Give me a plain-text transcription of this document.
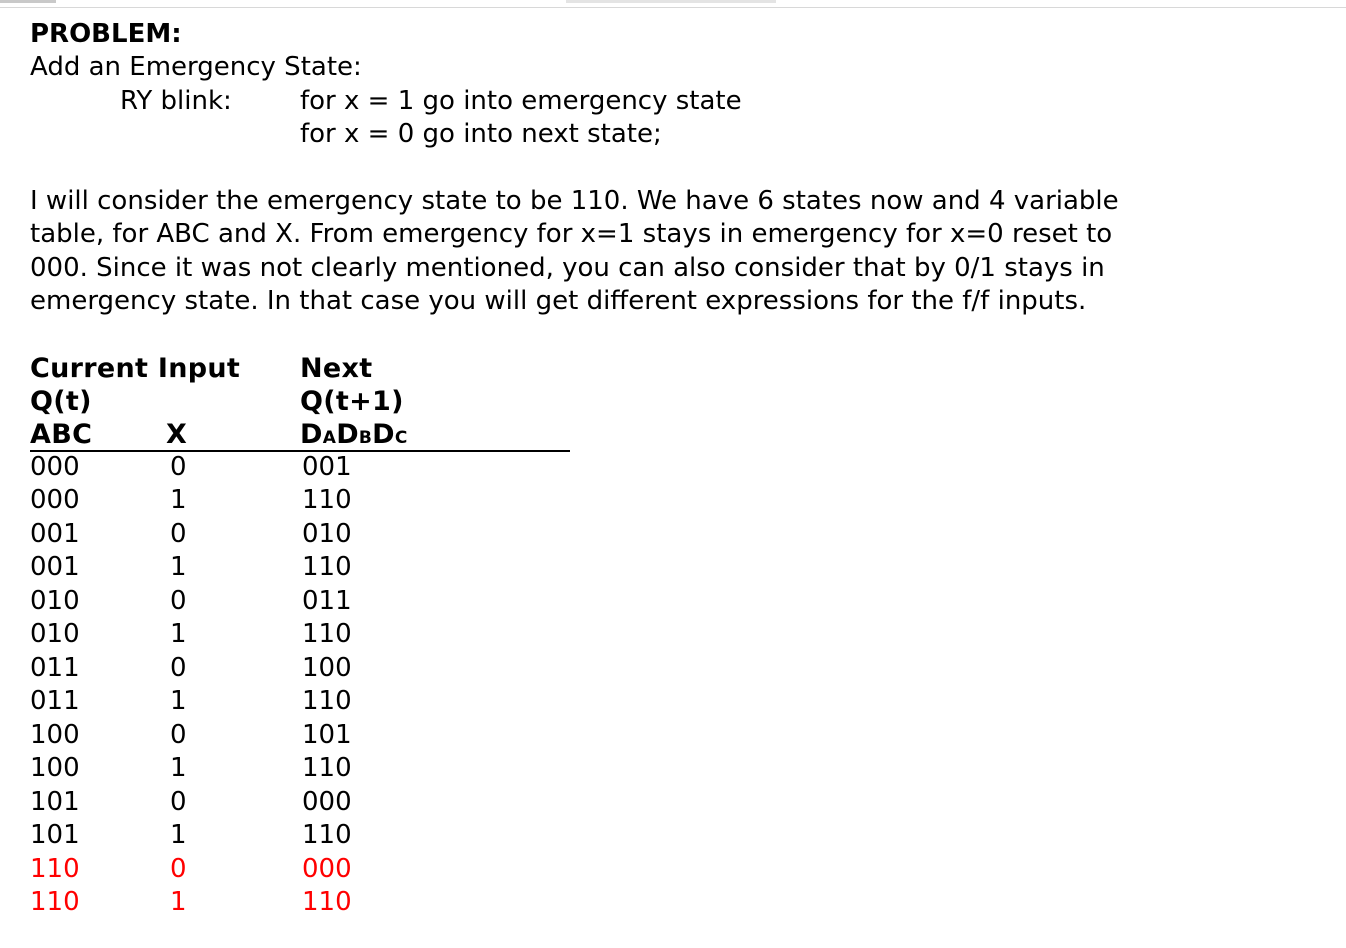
PROBLEM:
Add an Emergency State:
RY blink:	for x = 1 go into emergency state
for x = 0 go into next state;
I will consider the emergency state to be 110. We have 6 states now and 4 variable
table, for ABC and X. From emergency for x=1 stays in emergency for x=0 reset to
000. Since it was not clearly mentioned, you can also consider that by 0/1 stays in
emergency state. In that case you will get different expressions for the f/f inputs.
Current Input Next
Q(t)	Q(t+1)
ABC	X	DADBDC
000	0	001
000	1	110
001	0	010
001	1	110
010	0	011
010	1	110
011	0	100
011	1	110
100	0	101
100	1	110
101	0	000
101	1	110
110	0	000
110	1	110
